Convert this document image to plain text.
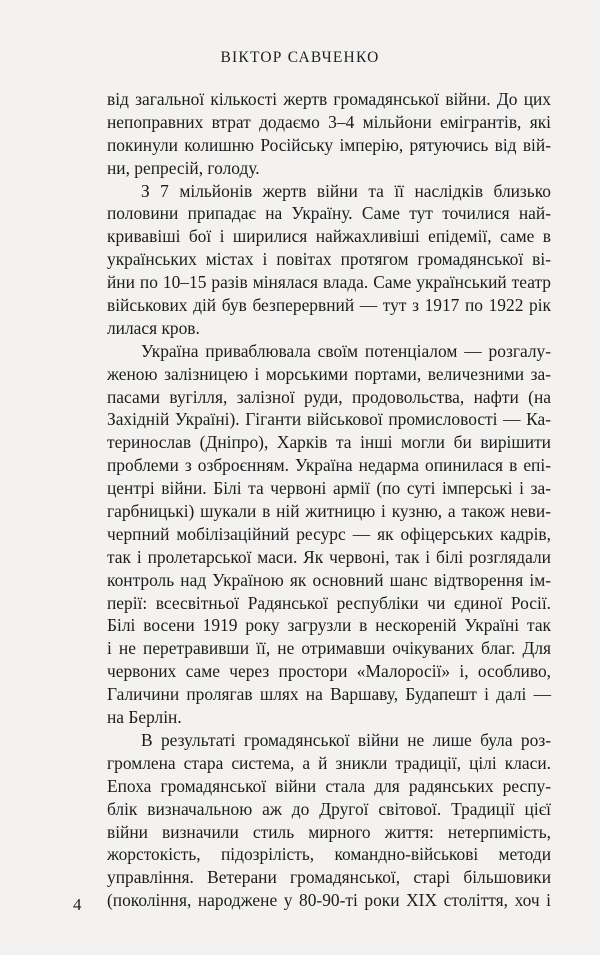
ВІКТОР САВЧЕНКО
від загальної кількості жертв громадянської війни. До цих
непоправних втрат додаємо 3–4 мільйони емігрантів, які
покинули колишню Російську імперію, рятуючись від вій-
ни, репресій, голоду.
З 7 мільйонів жертв війни та її наслідків близько
половини припадає на Україну. Саме тут точилися най-
кривавіші бої і ширилися найжахливіші епідемії, саме в
українських містах і повітах протягом громадянської ві-
йни по 10–15 разів мінялася влада. Саме український театр
військових дій був безперервний — тут з 1917 по 1922 рік
лилася кров.
Україна приваблювала своїм потенціалом — розгалу-
женою залізницею і морськими портами, величезними за-
пасами вугілля, залізної руди, продовольства, нафти (на
Західній Україні). Гіганти військової промисловості — Ка-
теринослав (Дніпро), Харків та інші могли би вирішити
проблеми з озброєнням. Україна недарма опинилася в епі-
центрі війни. Білі та червоні армії (по суті імперські і за-
гарбницькі) шукали в ній житницю і кузню, а також неви-
черпний мобілізаційний ресурс — як офіцерських кадрів,
так і пролетарської маси. Як червоні, так і білі розглядали
контроль над Україною як основний шанс відтворення ім-
перії: всесвітньої Радянської республіки чи єдиної Росії.
Білі восени 1919 року загрузли в нескореній Україні так
і не перетравивши її, не отримавши очікуваних благ. Для
червоних саме через простори «Малоросії» і, особливо,
Галичини пролягав шлях на Варшаву, Будапешт і далі —
на Берлін.
В результаті громадянської війни не лише була роз-
громлена стара система, а й зникли традиції, цілі класи.
Епоха громадянської війни стала для радянських респу-
блік визначальною аж до Другої світової. Традиції цієї
війни визначили стиль мирного життя: нетерпимість,
жорстокість, підозрілість, командно-військові методи
управління. Ветерани громадянської, старі більшовики
(покоління, народжене у 80-90-ті роки XIX століття, хоч і
4
